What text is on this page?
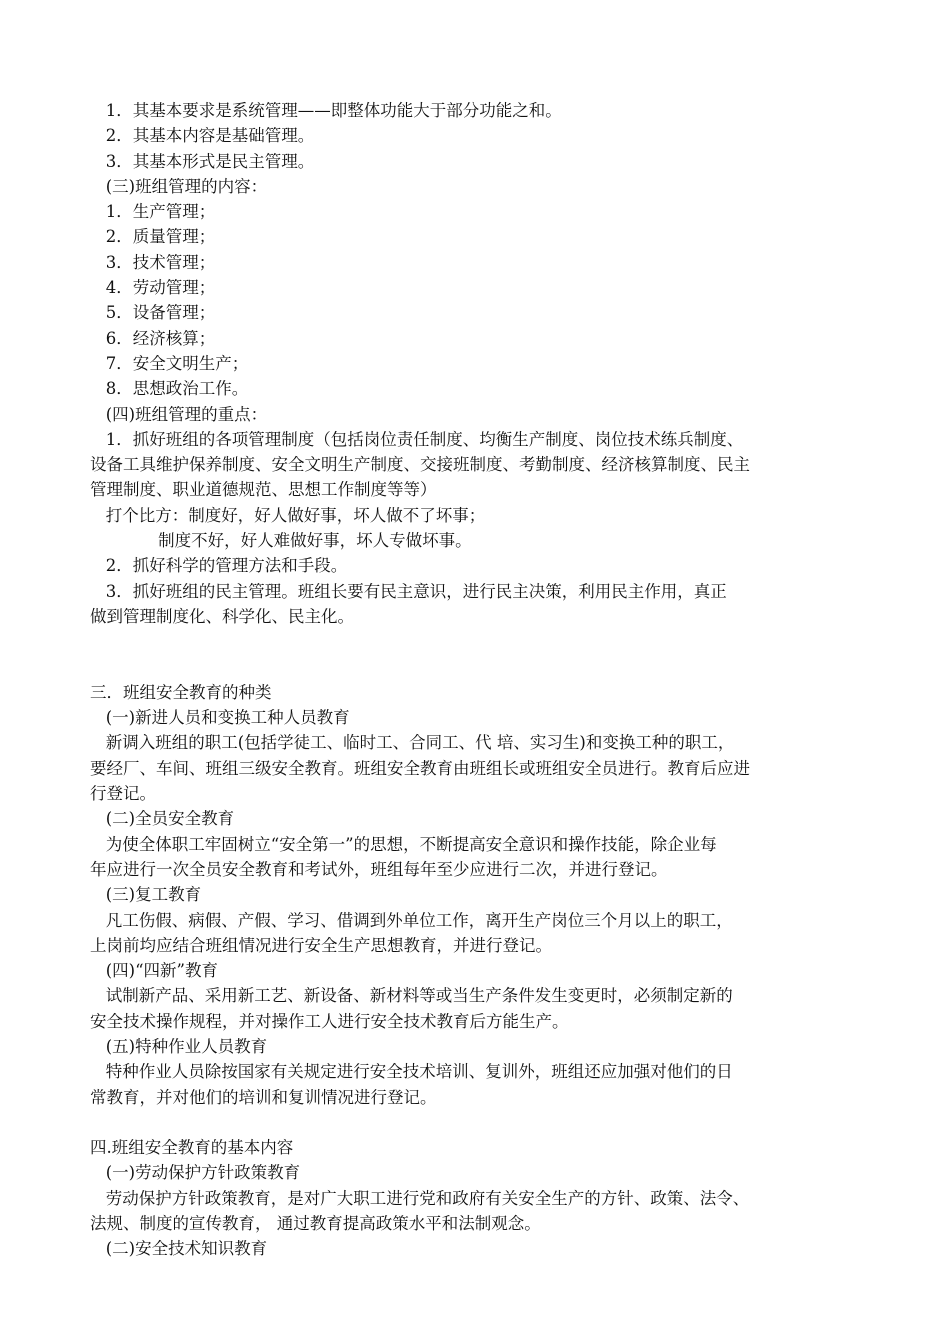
1．其基本要求是系统管理——即整体功能大于部分功能之和。
2．其基本内容是基础管理。
3．其基本形式是民主管理。
(三)班组管理的内容：
1．生产管理；
2．质量管理；
3．技术管理；
4．劳动管理；
5．设备管理；
6．经济核算；
7．安全文明生产；
8．思想政治工作。
(四)班组管理的重点：
1．抓好班组的各项管理制度（包括岗位责任制度、均衡生产制度、岗位技术练兵制度、
设备工具维护保养制度、安全文明生产制度、交接班制度、考勤制度、经济核算制度、民主
管理制度、职业道德规范、思想工作制度等等）
打个比方：制度好，好人做好事，坏人做不了坏事；
制度不好，好人难做好事，坏人专做坏事。
2．抓好科学的管理方法和手段。
3．抓好班组的民主管理。班组长要有民主意识，进行民主决策，利用民主作用，真正
做到管理制度化、科学化、民主化。
三．班组安全教育的种类
(一)新进人员和变换工种人员教育
新调入班组的职工(包括学徒工、临时工、合同工、代 培、实习生)和变换工种的职工，
要经厂、车间、班组三级安全教育。班组安全教育由班组长或班组安全员进行。教育后应进
行登记。
(二)全员安全教育
为使全体职工牢固树立“安全第一”的思想，不断提高安全意识和操作技能，除企业每
年应进行一次全员安全教育和考试外，班组每年至少应进行二次，并进行登记。
(三)复工教育
凡工伤假、病假、产假、学习、借调到外单位工作，离开生产岗位三个月以上的职工，
上岗前均应结合班组情况进行安全生产思想教育，并进行登记。
(四)“四新”教育
试制新产品、采用新工艺、新设备、新材料等或当生产条件发生变更时，必须制定新的
安全技术操作规程，并对操作工人进行安全技术教育后方能生产。
(五)特种作业人员教育
特种作业人员除按国家有关规定进行安全技术培训、复训外，班组还应加强对他们的日
常教育，并对他们的培训和复训情况进行登记。
四.班组安全教育的基本内容
(一)劳动保护方针政策教育
劳动保护方针政策教育，是对广大职工进行党和政府有关安全生产的方针、政策、法令、
法规、制度的宣传教育， 通过教育提高政策水平和法制观念。
(二)安全技术知识教育
